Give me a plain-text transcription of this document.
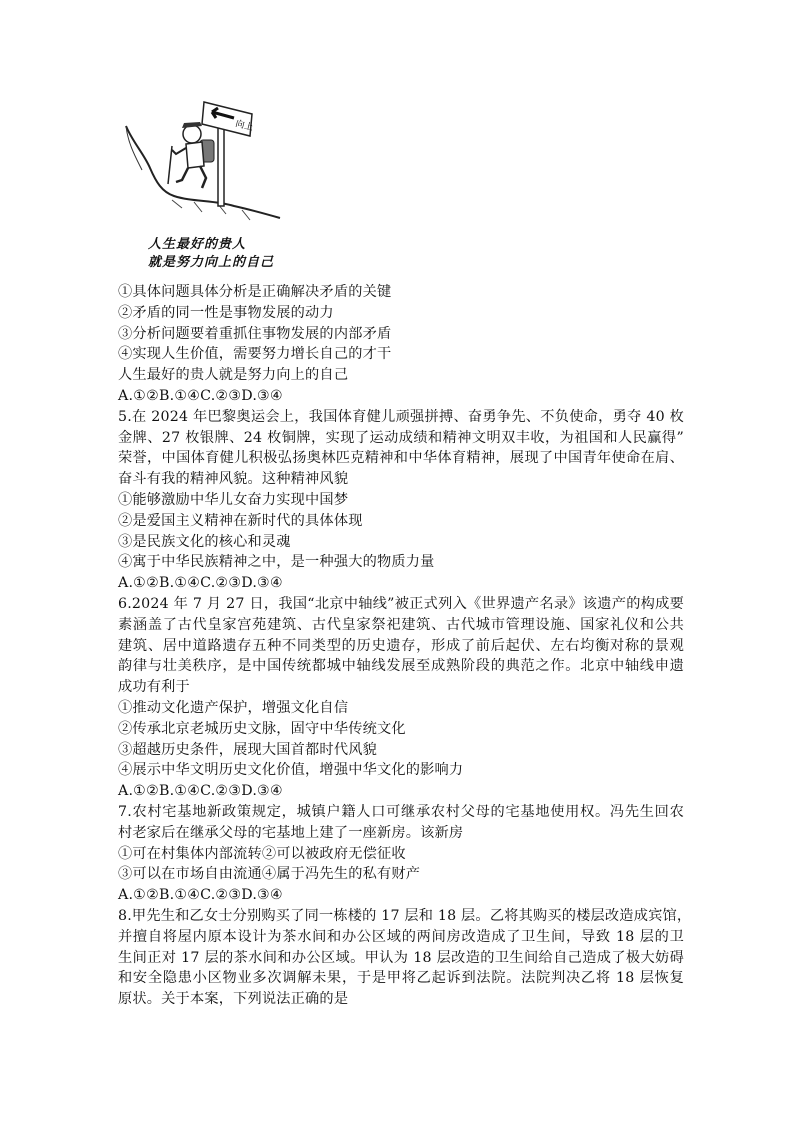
向上
人生最好的贵人
就是努力向上的自己
①具体问题具体分析是正确解决矛盾的关键
②矛盾的同一性是事物发展的动力
③分析问题要着重抓住事物发展的内部矛盾
④实现人生价值，需要努力增长自己的才干
人生最好的贵人就是努力向上的自己
A.①②B.①④C.②③D.③④
5.在 2024 年巴黎奥运会上，我国体育健儿顽强拼搏、奋勇争先、不负使命，勇夺 40 枚
金牌、27 枚银牌、24 枚铜牌，实现了运动成绩和精神文明双丰收，为祖国和人民赢得”
荣誉，中国体育健儿积极弘扬奥林匹克精神和中华体育精神，展现了中国青年使命在肩、
奋斗有我的精神风貌。这种精神风貌
①能够激励中华儿女奋力实现中国梦
②是爱国主义精神在新时代的具体体现
③是民族文化的核心和灵魂
④寓于中华民族精神之中，是一种强大的物质力量
A.①②B.①④C.②③D.③④
6.2024 年 7 月 27 日，我国“北京中轴线”被正式列入《世界遗产名录》该遗产的构成要
素涵盖了古代皇家宫苑建筑、古代皇家祭祀建筑、古代城市管理设施、国家礼仪和公共
建筑、居中道路遗存五种不同类型的历史遗存，形成了前后起伏、左右均衡对称的景观
韵律与壮美秩序，是中国传统都城中轴线发展至成熟阶段的典范之作。北京中轴线申遗
成功有利于
①推动文化遗产保护，增强文化自信
②传承北京老城历史文脉，固守中华传统文化
③超越历史条件，展现大国首都时代风貌
④展示中华文明历史文化价值，增强中华文化的影响力
A.①②B.①④C.②③D.③④
7.农村宅基地新政策规定，城镇户籍人口可继承农村父母的宅基地使用权。冯先生回农
村老家后在继承父母的宅基地上建了一座新房。该新房
①可在村集体内部流转②可以被政府无偿征收
③可以在市场自由流通④属于冯先生的私有财产
A.①②B.①④C.②③D.③④
8.甲先生和乙女士分别购买了同一栋楼的 17 层和 18 层。乙将其购买的楼层改造成宾馆，
并擅自将屋内原本设计为茶水间和办公区域的两间房改造成了卫生间，导致 18 层的卫
生间正对 17 层的茶水间和办公区域。甲认为 18 层改造的卫生间给自己造成了极大妨碍
和安全隐患小区物业多次调解未果，于是甲将乙起诉到法院。法院判决乙将 18 层恢复
原状。关于本案，下列说法正确的是
